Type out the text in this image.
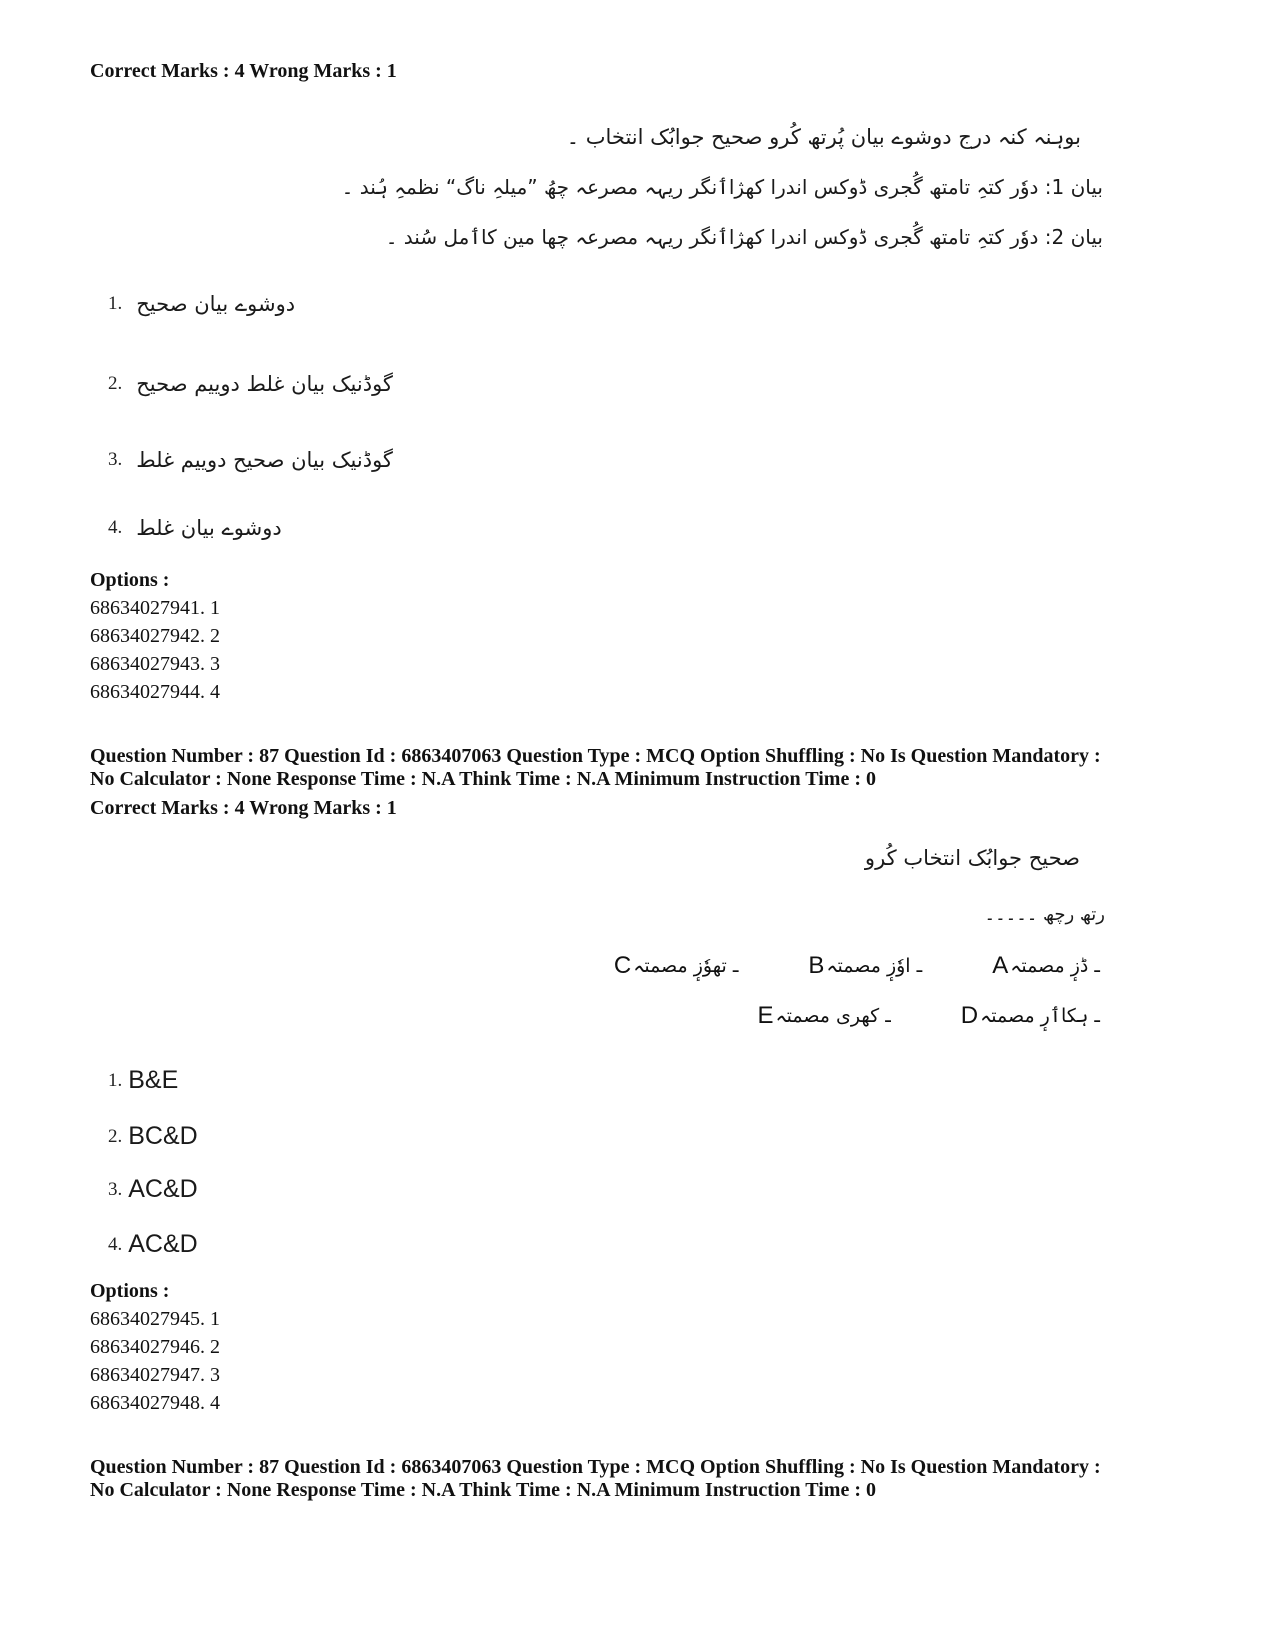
Correct Marks : 4 Wrong Marks : 1
بوہنہ کنہ درج دوشوے بیان پُرتھ کُرو صحیح جوابُک انتخاب ۔
بیان 1: دوٗر کتہِ تامتھ گُجری ڈوکس اندرا کھژاٲنگر ریہہ مصرعہ چھُ ”میلہِ ناگ“ نظمہِ ہُند ۔
بیان 2: دوٗر کتہِ تامتھ گُجری ڈوکس اندرا کھژاٲنگر ریہہ مصرعہ چھا مین کاٲمل سُند ۔
1. دوشوے بیان صحیح
2. گوڈنیک بیان غلط دوییم صحیح
3. گوڈنیک بیان صحیح دوییم غلط
4. دوشوے بیان غلط
Options :
68634027941. 1
68634027942. 2
68634027943. 3
68634027944. 4
Question Number : 87 Question Id : 6863407063 Question Type : MCQ Option Shuffling : No Is Question Mandatory :
No Calculator : None Response Time : N.A Think Time : N.A Minimum Instruction Time : 0
Correct Marks : 4 Wrong Marks : 1
صحیح جوابُک انتخاب کُرو
رتھ رچھ ۔۔۔۔۔
C ـ تھوٗزٕ مصمتہ	B ـ اوٗزٕ مصمتہ	A ـ ڈزٕ مصمتہ
E ـ کھری مصمتہ	D ـ ہکاٲرٕ مصمتہ
1. B&E
2. BC&D
3. AC&D
4. AC&D
Options :
68634027945. 1
68634027946. 2
68634027947. 3
68634027948. 4
Question Number : 87 Question Id : 6863407063 Question Type : MCQ Option Shuffling : No Is Question Mandatory :
No Calculator : None Response Time : N.A Think Time : N.A Minimum Instruction Time : 0
